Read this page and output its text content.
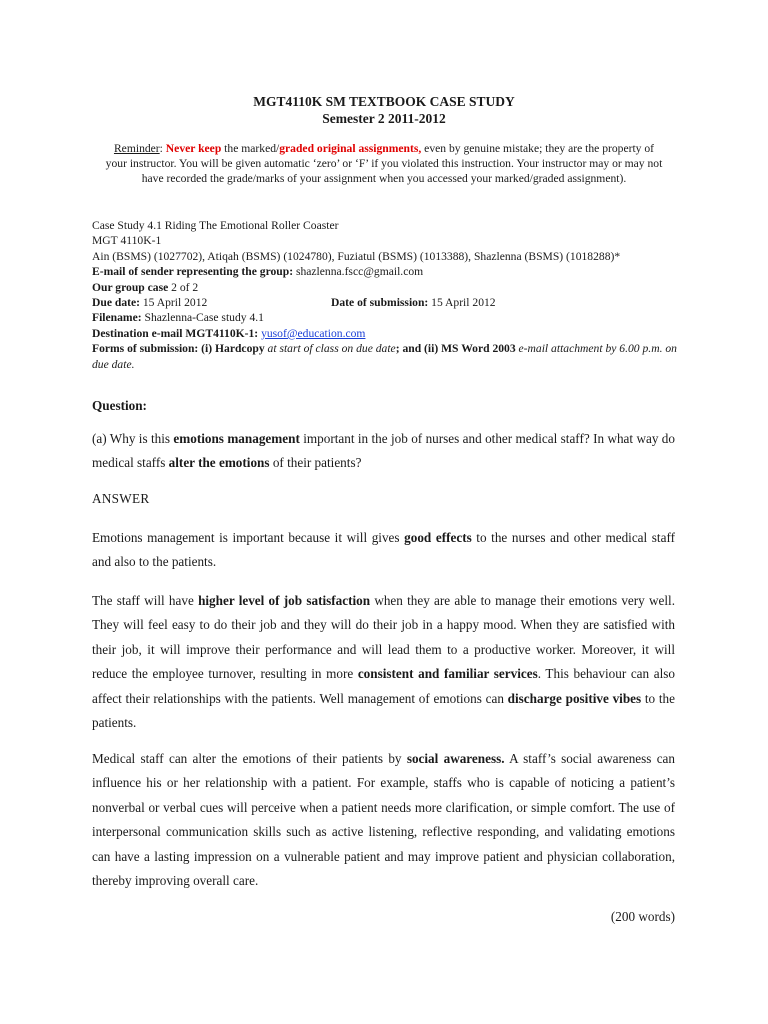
MGT4110K SM TEXTBOOK CASE STUDY
Semester 2 2011-2012
Reminder: Never keep the marked/graded original assignments, even by genuine mistake; they are the property of your instructor. You will be given automatic ‘zero’ or ‘F’ if you violated this instruction. Your instructor may or may not have recorded the grade/marks of your assignment when you accessed your marked/graded assignment).
Case Study 4.1 Riding The Emotional Roller Coaster
MGT 4110K-1
Ain (BSMS) (1027702), Atiqah (BSMS) (1024780), Fuziatul (BSMS) (1013388), Shazlenna (BSMS) (1018288)*
E-mail of sender representing the group: shazlenna.fscc@gmail.com
Our group case 2 of 2
Due date: 15 April 2012	Date of submission: 15 April 2012
Filename: Shazlenna-Case study 4.1
Destination e-mail MGT4110K-1: yusof@education.com
Forms of submission: (i) Hardcopy at start of class on due date; and (ii) MS Word 2003 e-mail attachment by 6.00 p.m. on due date.
Question:
(a) Why is this emotions management important in the job of nurses and other medical staff? In what way do medical staffs alter the emotions of their patients?
ANSWER
Emotions management is important because it will gives good effects to the nurses and other medical staff and also to the patients.
The staff will have higher level of job satisfaction when they are able to manage their emotions very well. They will feel easy to do their job and they will do their job in a happy mood. When they are satisfied with their job, it will improve their performance and will lead them to a productive worker. Moreover, it will reduce the employee turnover, resulting in more consistent and familiar services. This behaviour can also affect their relationships with the patients. Well management of emotions can discharge positive vibes to the patients.
Medical staff can alter the emotions of their patients by social awareness. A staff’s social awareness can influence his or her relationship with a patient. For example, staffs who is capable of noticing a patient’s nonverbal or verbal cues will perceive when a patient needs more clarification, or simple comfort. The use of interpersonal communication skills such as active listening, reflective responding, and validating emotions can have a lasting impression on a vulnerable patient and may improve patient and physician collaboration, thereby improving overall care.
(200 words)
